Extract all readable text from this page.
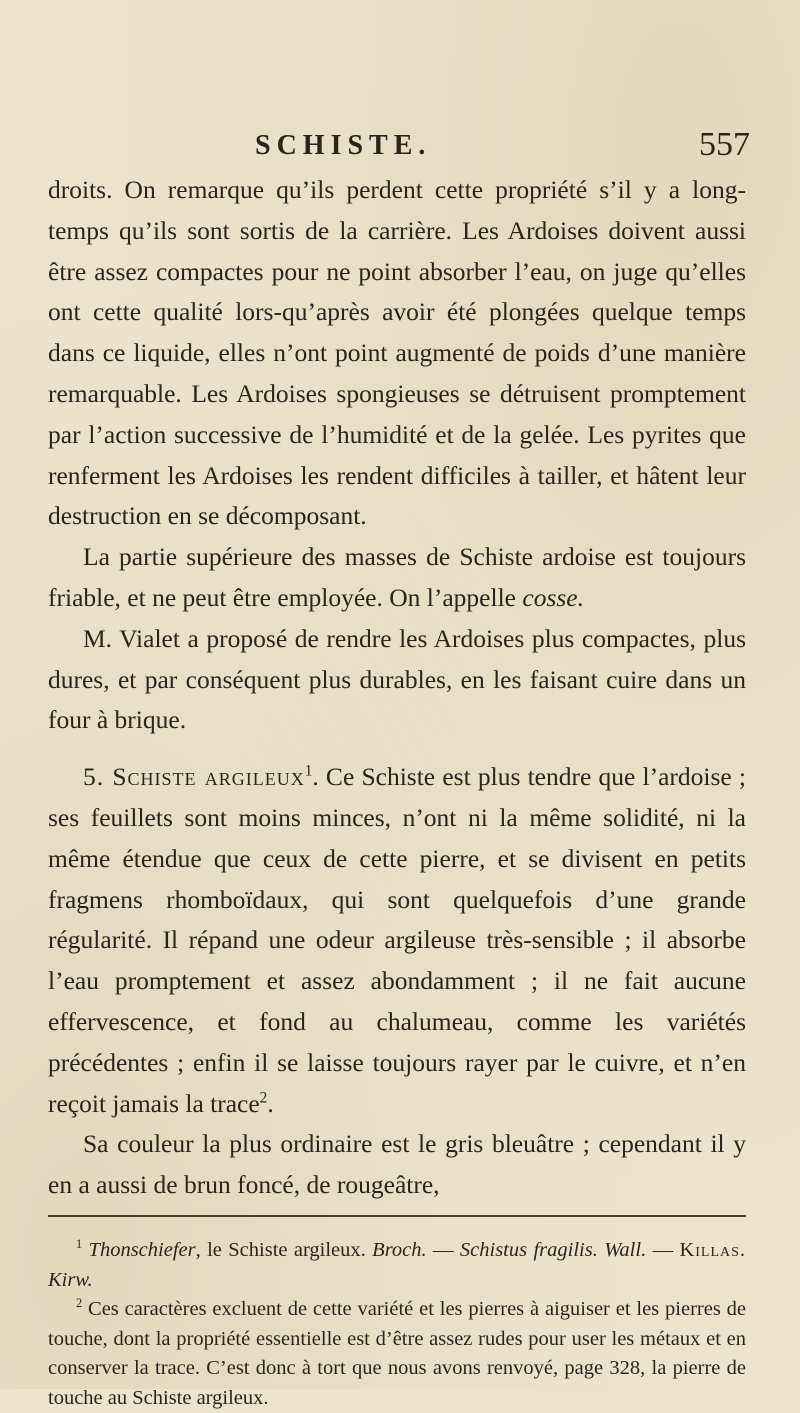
SCHISTE.	557

droits. On remarque qu’ils perdent cette propriété s’il y a long-temps qu’ils sont sortis de la carrière. Les Ardoises doivent aussi être assez compactes pour ne point absorber l’eau, on juge qu’elles ont cette qualité lors-qu’après avoir été plongées quelque temps dans ce liquide, elles n’ont point augmenté de poids d’une manière remarquable. Les Ardoises spongieuses se détruisent promptement par l’action successive de l’humidité et de la gelée. Les pyrites que renferment les Ardoises les rendent difficiles à tailler, et hâtent leur destruction en se décomposant.

La partie supérieure des masses de Schiste ardoise est toujours friable, et ne peut être employée. On l’appelle cosse.

M. Vialet a proposé de rendre les Ardoises plus compactes, plus dures, et par conséquent plus durables, en les faisant cuire dans un four à brique.

5. Schiste argileux$^1$. Ce Schiste est plus tendre que l’ardoise ; ses feuillets sont moins minces, n’ont ni la même solidité, ni la même étendue que ceux de cette pierre, et se divisent en petits fragmens rhomboïdaux, qui sont quelquefois d’une grande régularité. Il répand une odeur argileuse très-sensible ; il absorbe l’eau promptement et assez abondamment ; il ne fait aucune effervescence, et fond au chalumeau, comme les variétés précédentes ; enfin il se laisse toujours rayer par le cuivre, et n’en reçoit jamais la trace$^2$.

Sa couleur la plus ordinaire est le gris bleuâtre ; cependant il y en a aussi de brun foncé, de rougeâtre,

$^1$ Thonschiefer, le Schiste argileux. Broch. — Schistus fragilis. Wall. — Killas. Kirw.

$^2$ Ces caractères excluent de cette variété et les pierres à aiguiser et les pierres de touche, dont la propriété essentielle est d’être assez rudes pour user les métaux et en conserver la trace. C’est donc à tort que nous avons renvoyé, page 328, la pierre de touche au Schiste argileux.
